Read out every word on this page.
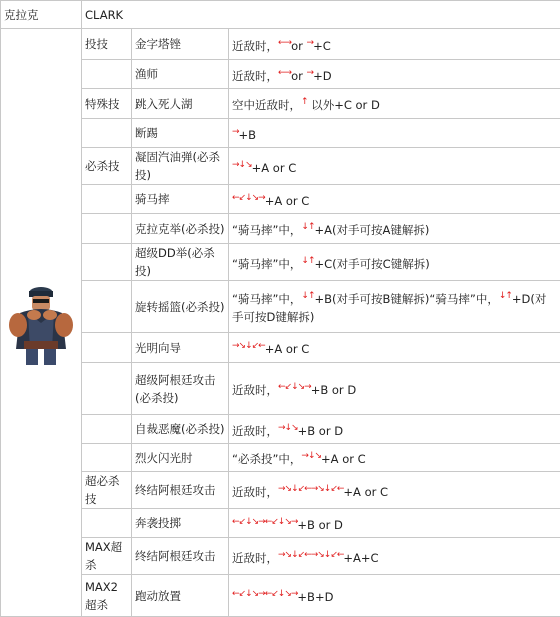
克拉克	CLARK		

	投技	金字塔锉	近敌时，←→or →+C
		渔师	近敌时，←→or →+D
	特殊技	跳入死人湖	空中近敌时，↑ 以外+C or D
		断踢	→+B
	必杀技	凝固汽油弹(必杀投)	→↓↘+A or C
		骑马摔	←↙↓↘→+A or C
		克拉克举(必杀投)	“骑马摔”中，↓↑+A(对手可按A键解拆)
		超级DD举(必杀投)	“骑马摔”中，↓↑+C(对手可按C键解拆)
		旋转摇篮(必杀投)	“骑马摔”中，↓↑+B(对手可按B键解拆)“骑马摔”中，↓↑+D(对手可按D键解拆)
		光明向导	→↘↓↙←+A or C
		超级阿根廷攻击(必杀投)	近敌时，←↙↓↘→+B or D
		自裁恶魔(必杀投)	近敌时，→↓↘+B or D
		烈火闪光肘	“必杀投”中，→↓↘+A or C
	超必杀技	终结阿根廷攻击	近敌时，→↘↓↙←→↘↓↙←+A or C
		奔袭投掷	←↙↓↘→←↙↓↘→+B or D
	MAX超杀	终结阿根廷攻击	近敌时，→↘↓↙←→↘↓↙←+A+C
	MAX2超杀	跑动放置	←↙↓↘→←↙↓↘→+B+D
